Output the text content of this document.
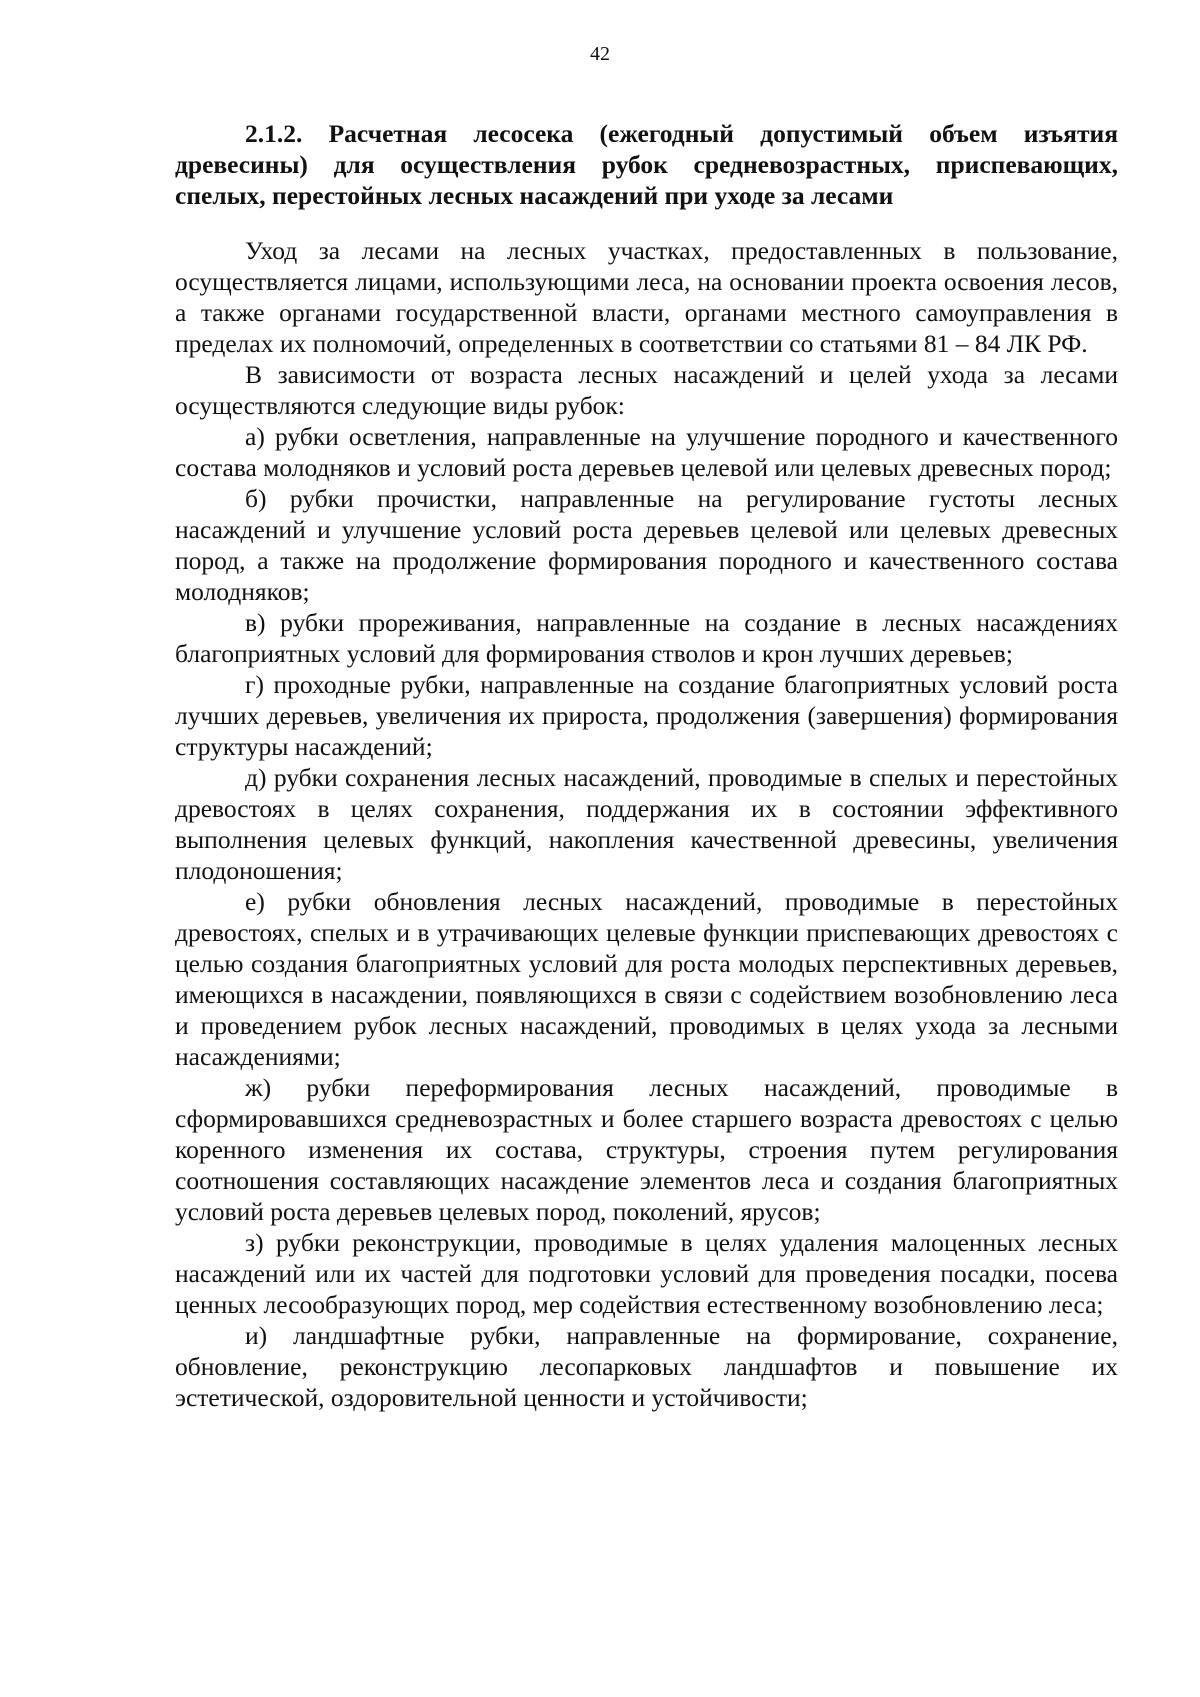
42

2.1.2. Расчетная лесосека (ежегодный допустимый объем изъятия древесины) для осуществления рубок средневозрастных, приспевающих, спелых, перестойных лесных насаждений при уходе за лесами

Уход за лесами на лесных участках, предоставленных в пользование, осуществляется лицами, использующими леса, на основании проекта освоения лесов, а также органами государственной власти, органами местного самоуправления в пределах их полномочий, определенных в соответствии со статьями 81 – 84 ЛК РФ.

В зависимости от возраста лесных насаждений и целей ухода за лесами осуществляются следующие виды рубок:

а) рубки осветления, направленные на улучшение породного и качественного состава молодняков и условий роста деревьев целевой или целевых древесных пород;

б) рубки прочистки, направленные на регулирование густоты лесных насаждений и улучшение условий роста деревьев целевой или целевых древесных пород, а также на продолжение формирования породного и качественного состава молодняков;

в) рубки прореживания, направленные на создание в лесных насаждениях благоприятных условий для формирования стволов и крон лучших деревьев;

г) проходные рубки, направленные на создание благоприятных условий роста лучших деревьев, увеличения их прироста, продолжения (завершения) формирования структуры насаждений;

д) рубки сохранения лесных насаждений, проводимые в спелых и перестойных древостоях в целях сохранения, поддержания их в состоянии эффективного выполнения целевых функций, накопления качественной древесины, увеличения плодоношения;

е) рубки обновления лесных насаждений, проводимые в перестойных древостоях, спелых и в утрачивающих целевые функции приспевающих древостоях с целью создания благоприятных условий для роста молодых перспективных деревьев, имеющихся в насаждении, появляющихся в связи с содействием возобновлению леса и проведением рубок лесных насаждений, проводимых в целях ухода за лесными насаждениями;

ж) рубки переформирования лесных насаждений, проводимые в сформировавшихся средневозрастных и более старшего возраста древостоях с целью коренного изменения их состава, структуры, строения путем регулирования соотношения составляющих насаждение элементов леса и создания благоприятных условий роста деревьев целевых пород, поколений, ярусов;

з) рубки реконструкции, проводимые в целях удаления малоценных лесных насаждений или их частей для подготовки условий для проведения посадки, посева ценных лесообразующих пород, мер содействия естественному возобновлению леса;

и) ландшафтные рубки, направленные на формирование, сохранение, обновление, реконструкцию лесопарковых ландшафтов и повышение их эстетической, оздоровительной ценности и устойчивости;
